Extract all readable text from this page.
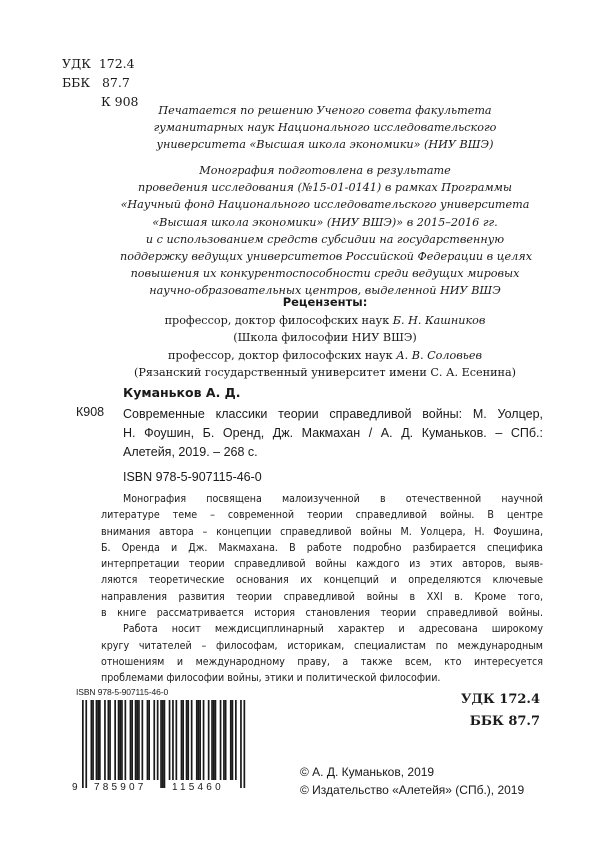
УДК 172.4
ББК 87.7
К 908
Печатается по решению Ученого совета факультета
гуманитарных наук Национального исследовательского
университета «Высшая школа экономики» (НИУ ВШЭ)
Монография подготовлена в результате
проведения исследования (№15-01-0141) в рамках Программы
«Научный фонд Национального исследовательского университета
«Высшая школа экономики» (НИУ ВШЭ)» в 2015–2016 гг.
и с использованием средств субсидии на государственную
поддержку ведущих университетов Российской Федерации в целях
повышения их конкурентоспособности среди ведущих мировых
научно-образовательных центров, выделенной НИУ ВШЭ
Рецензенты:
профессор, доктор философских наук Б. Н. Кашников
(Школа философии НИУ ВШЭ)
профессор, доктор философских наук А. В. Соловьев
(Рязанский государственный университет имени С. А. Есенина)
Куманьков А. Д.
К908 Современные классики теории справедливой войны: М. Уолцер,
Н. Фоушин, Б. Оренд, Дж. Макмахан / А. Д. Куманьков. – СПб.:
Алетейя, 2019. – 268 с.
ISBN 978-5-907115-46-0
Монография посвящена малоизученной в отечественной научной
литературе теме – современной теории справедливой войны. В центре
внимания автора – концепции справедливой войны М. Уолцера, Н. Фоушина,
Б. Оренда и Дж. Макмахана. В работе подробно разбирается специфика
интерпретации теории справедливой войны каждого из этих авторов, выяв-
ляются теоретические основания их концепций и определяются ключевые
направления развития теории справедливой войны в XXI в. Кроме того,
в книге рассматривается история становления теории справедливой войны.
Работа носит междисциплинарный характер и адресована широкому
кругу читателей – философам, историкам, специалистам по международным
отношениям и международному праву, а также всем, кто интересуется
проблемами философии войны, этики и политической философии.
ISBN 978-5-907115-46-0
9 785907	115460
УДК 172.4
ББК 87.7
© А. Д. Куманьков, 2019
© Издательство «Алетейя» (СПб.), 2019
